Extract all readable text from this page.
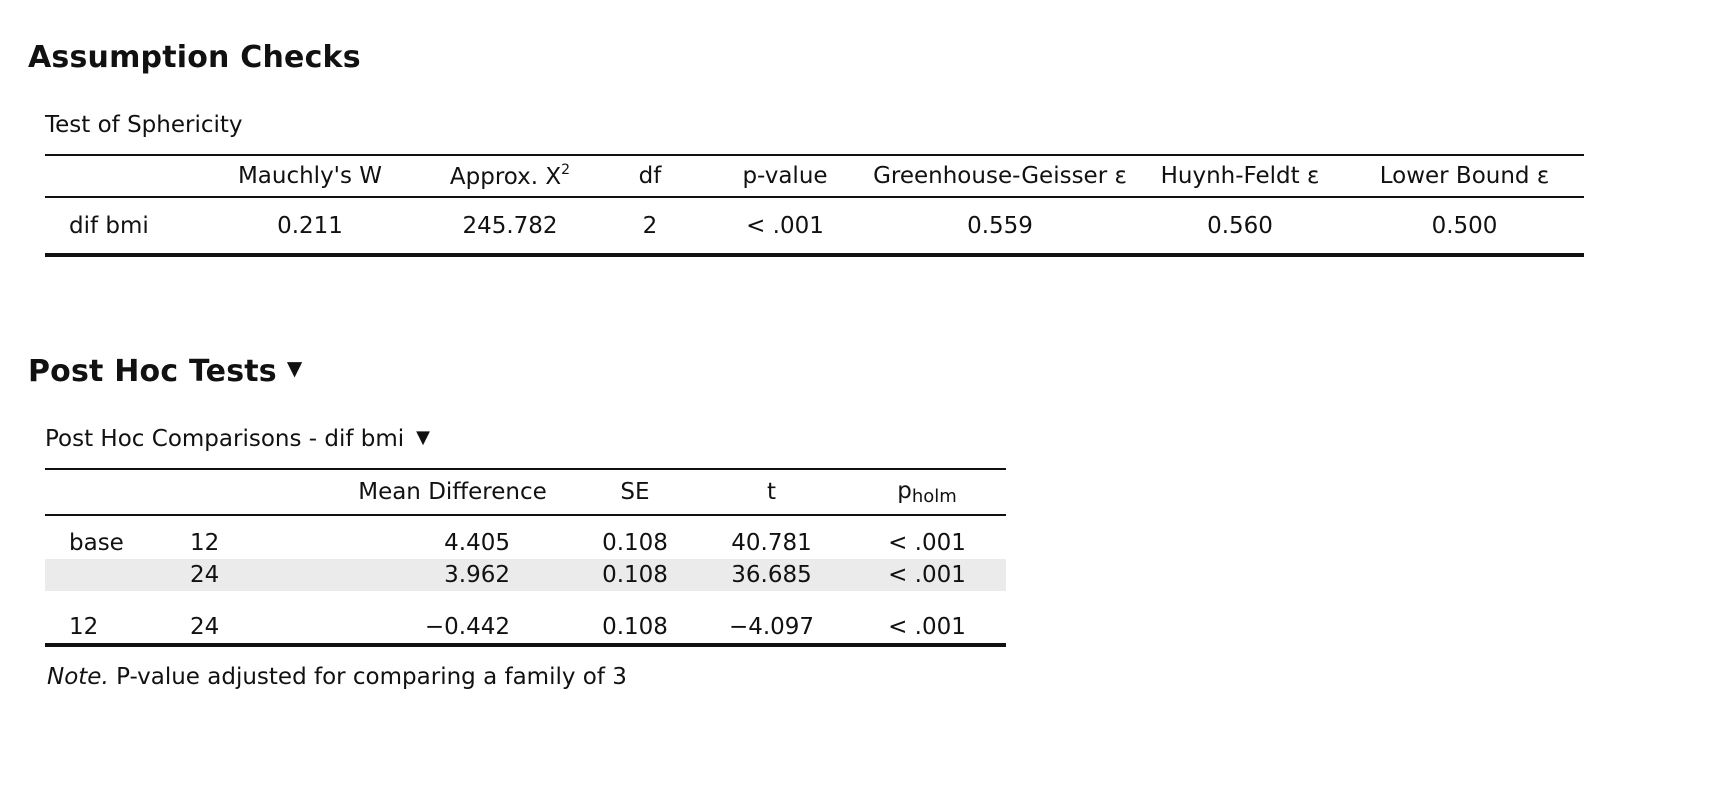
Assumption Checks
Test of Sphericity
	Mauchly's W	Approx. $X^2$	df	p-value	Greenhouse-Geisser ε	Huynh-Feldt ε	Lower Bound ε
dif bmi	0.211	245.782	2	< .001	0.559	0.560	0.500
Post Hoc Tests ▼
Post Hoc Comparisons - dif bmi ▼
		Mean Difference	SE	t	$p_{holm}$

base	12	4.405	0.108	40.781	< .001
	24	3.962	0.108	36.685	< .001

12	24	−0.442	0.108	−4.097	< .001
Note. P-value adjusted for comparing a family of 3
